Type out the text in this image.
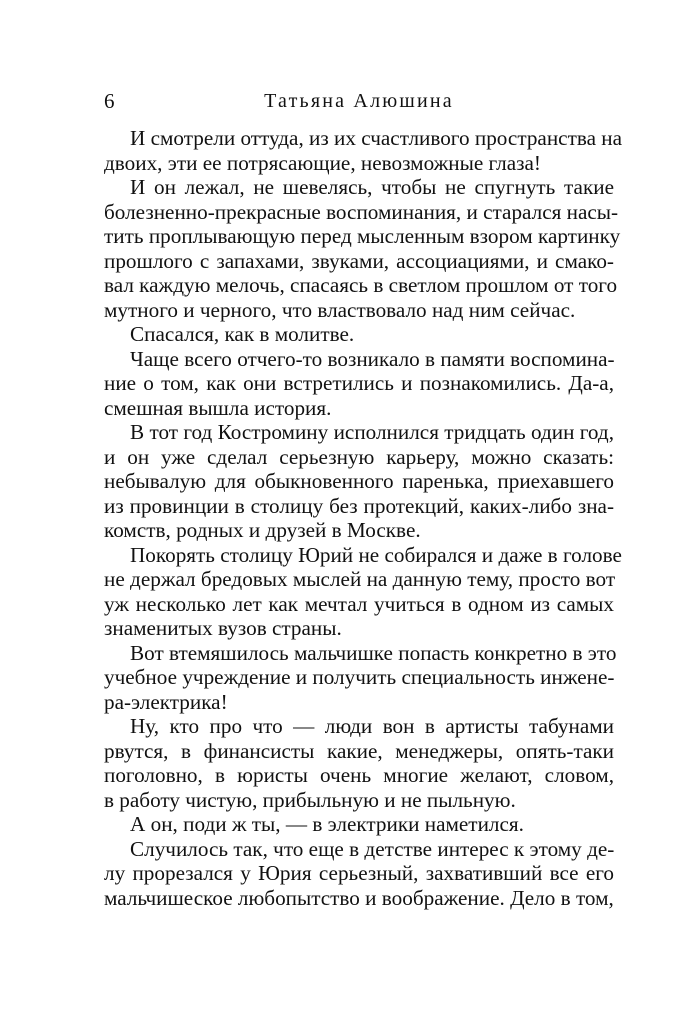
6	Татьяна Алюшина
И смотрели оттуда, из их счастливого пространства на
двоих, эти ее потрясающие, невозможные глаза!
И он лежал, не шевелясь, чтобы не спугнуть такие
болезненно-прекрасные воспоминания, и старался насы-
тить проплывающую перед мысленным взором картинку
прошлого с запахами, звуками, ассоциациями, и смако-
вал каждую мелочь, спасаясь в светлом прошлом от того
мутного и черного, что властвовало над ним сейчас.
Спасался, как в молитве.
Чаще всего отчего-то возникало в памяти воспомина-
ние о том, как они встретились и познакомились. Да-а,
смешная вышла история.
В тот год Костромину исполнился тридцать один год,
и он уже сделал серьезную карьеру, можно сказать:
небывалую для обыкновенного паренька, приехавшего
из провинции в столицу без протекций, каких-либо зна-
комств, родных и друзей в Москве.
Покорять столицу Юрий не собирался и даже в голове
не держал бредовых мыслей на данную тему, просто вот
уж несколько лет как мечтал учиться в одном из самых
знаменитых вузов страны.
Вот втемяшилось мальчишке попасть конкретно в это
учебное учреждение и получить специальность инжене-
ра-электрика!
Ну, кто про что — люди вон в артисты табунами
рвутся, в финансисты какие, менеджеры, опять-таки
поголовно, в юристы очень многие желают, словом,
в работу чистую, прибыльную и не пыльную.
А он, поди ж ты, — в электрики наметился.
Случилось так, что еще в детстве интерес к этому де-
лу прорезался у Юрия серьезный, захвативший все его
мальчишеское любопытство и воображение. Дело в том,
